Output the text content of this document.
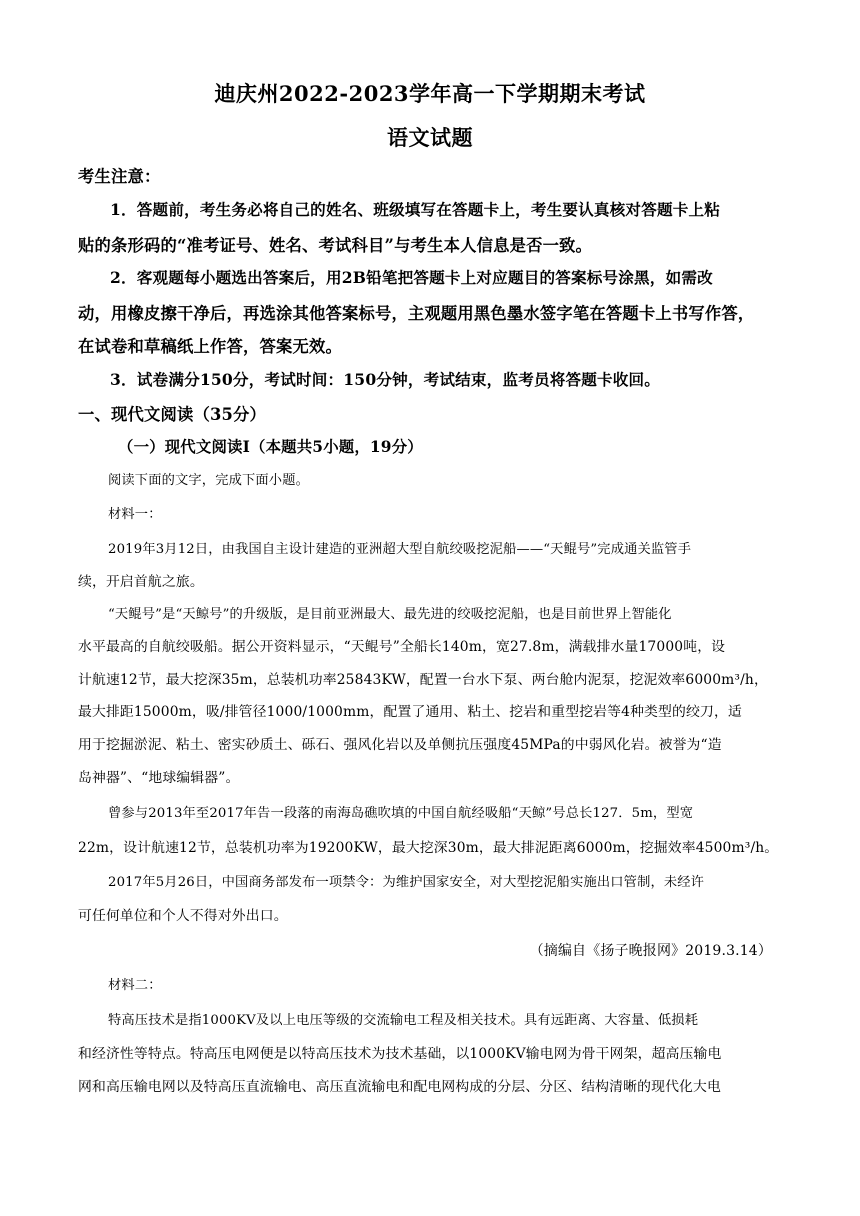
迪庆州2022-2023学年高一下学期期末考试
语文试题
考生注意：
1．答题前，考生务必将自己的姓名、班级填写在答题卡上，考生要认真核对答题卡上粘
贴的条形码的“准考证号、姓名、考试科目”与考生本人信息是否一致。
2．客观题每小题选出答案后，用2B铅笔把答题卡上对应题目的答案标号涂黑，如需改
动，用橡皮擦干净后，再选涂其他答案标号，主观题用黑色墨水签字笔在答题卡上书写作答，
在试卷和草稿纸上作答，答案无效。
3．试卷满分150分，考试时间：150分钟，考试结束，监考员将答题卡收回。
一、现代文阅读（35分）
（一）现代文阅读Ⅰ（本题共5小题，19分）
阅读下面的文字，完成下面小题。
材料一：
2019年3月12日，由我国自主设计建造的亚洲超大型自航绞吸挖泥船——“天鲲号”完成通关监管手
续，开启首航之旅。
“天鲲号”是“天鲸号”的升级版，是目前亚洲最大、最先进的绞吸挖泥船，也是目前世界上智能化
水平最高的自航绞吸船。据公开资料显示，“天鲲号”全船长140m，宽27.8m，满载排水量17000吨，设
计航速12节，最大挖深35m，总装机功率25843KW，配置一台水下泵、两台舱内泥泵，挖泥效率6000m³/h，
最大排距15000m，吸/排管径1000/1000mm，配置了通用、粘土、挖岩和重型挖岩等4种类型的绞刀，适
用于挖掘淤泥、粘土、密实砂质土、砾石、强风化岩以及单侧抗压强度45MPa的中弱风化岩。被誉为“造
岛神器”、“地球编辑器”。
曾参与2013年至2017年告一段落的南海岛礁吹填的中国自航经吸船“天鲸”号总长127．5m，型宽
22m，设计航速12节，总装机功率为19200KW，最大挖深30m，最大排泥距离6000m，挖掘效率4500m³/h。
2017年5月26日，中国商务部发布一项禁令：为维护国家安全，对大型挖泥船实施出口管制，未经许
可任何单位和个人不得对外出口。
（摘编自《扬子晚报网》2019.3.14）
材料二：
特高压技术是指1000KV及以上电压等级的交流输电工程及相关技术。具有远距离、大容量、低损耗
和经济性等特点。特高压电网便是以特高压技术为技术基础，以1000KV输电网为骨干网架，超高压输电
网和高压输电网以及特高压直流输电、高压直流输电和配电网构成的分层、分区、结构清晰的现代化大电
